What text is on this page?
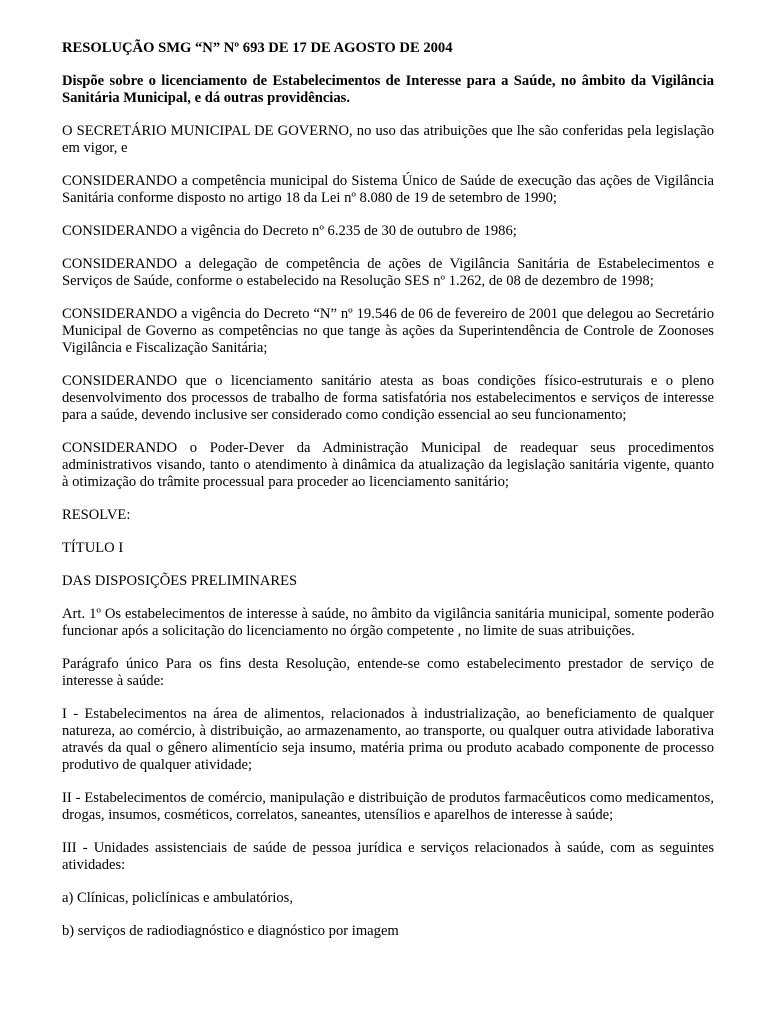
RESOLUÇÃO SMG “N” Nº 693 DE 17 DE AGOSTO DE 2004

Dispõe sobre o licenciamento de Estabelecimentos de Interesse para a Saúde, no âmbito da Vigilância Sanitária Municipal, e dá outras providências.

O SECRETÁRIO MUNICIPAL DE GOVERNO, no uso das atribuições que lhe são conferidas pela legislação em vigor, e

CONSIDERANDO a competência municipal do Sistema Único de Saúde de execução das ações de Vigilância Sanitária conforme disposto no artigo 18 da Lei nº 8.080 de 19 de setembro de 1990;

CONSIDERANDO a vigência do Decreto nº 6.235 de 30 de outubro de 1986;

CONSIDERANDO a delegação de competência de ações de Vigilância Sanitária de Estabelecimentos e Serviços de Saúde, conforme o estabelecido na Resolução SES nº 1.262, de 08 de dezembro de 1998;

CONSIDERANDO a vigência do Decreto “N” nº 19.546 de 06 de fevereiro de 2001 que delegou ao Secretário Municipal de Governo as competências no que tange às ações da Superintendência de Controle de Zoonoses Vigilância e Fiscalização Sanitária;

CONSIDERANDO que o licenciamento sanitário atesta as boas condições físico-estruturais e o pleno desenvolvimento dos processos de trabalho de forma satisfatória nos estabelecimentos e serviços de interesse para a saúde, devendo inclusive ser considerado como condição essencial ao seu funcionamento;

CONSIDERANDO o Poder-Dever da Administração Municipal de readequar seus procedimentos administrativos visando, tanto o atendimento à dinâmica da atualização da legislação sanitária vigente, quanto à otimização do trâmite processual para proceder ao licenciamento sanitário;

RESOLVE:

TÍTULO I

DAS DISPOSIÇÕES PRELIMINARES

Art. 1º Os estabelecimentos de interesse à saúde, no âmbito da vigilância sanitária municipal, somente poderão funcionar após a solicitação do licenciamento no órgão competente , no limite de suas atribuições.

Parágrafo único Para os fins desta Resolução, entende-se como estabelecimento prestador de serviço de interesse à saúde:

I - Estabelecimentos na área de alimentos, relacionados à industrialização, ao beneficiamento de qualquer natureza, ao comércio, à distribuição, ao armazenamento, ao transporte, ou qualquer outra atividade laborativa através da qual o gênero alimentício seja insumo, matéria prima ou produto acabado componente de processo produtivo de qualquer atividade;

II - Estabelecimentos de comércio, manipulação e distribuição de produtos farmacêuticos como medicamentos, drogas, insumos, cosméticos, correlatos, saneantes, utensílios e aparelhos de interesse à saúde;

III - Unidades assistenciais de saúde de pessoa jurídica e serviços relacionados à saúde, com as seguintes atividades:

a) Clínicas, policlínicas e ambulatórios,

b) serviços de radiodiagnóstico e diagnóstico por imagem
